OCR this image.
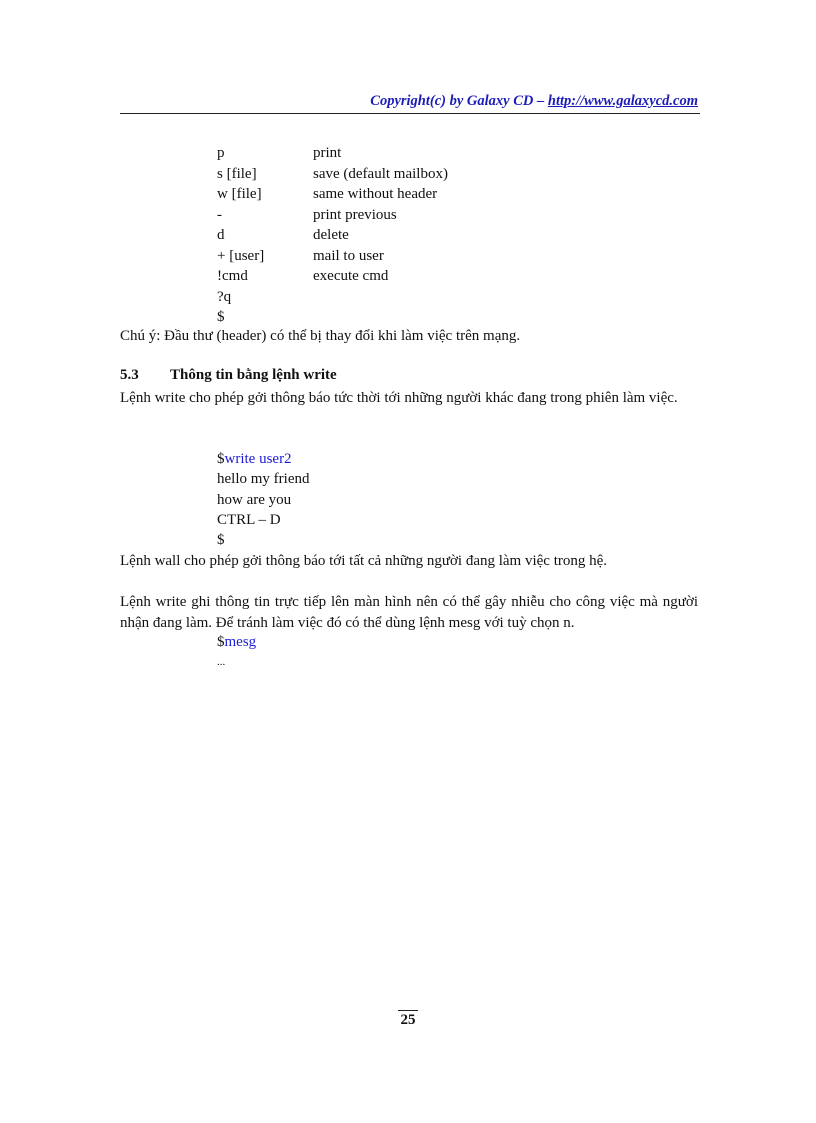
Copyright(c) by Galaxy CD – http://www.galaxycd.com
p	print
s [file]	save (default mailbox)
w [file]	same without header
-	print previous
d	delete
+ [user]	mail to user
!cmd	execute cmd
?q
$
Chú ý: Đầu thư (header) có thể bị thay đổi khi làm việc trên mạng.
5.3	Thông tin bằng lệnh write
Lệnh write cho phép gởi thông báo tức thời tới những người khác đang trong phiên làm việc.
$write user2
hello my friend
how are you
CTRL – D
$
Lệnh wall cho phép gởi thông báo tới tất cả những người đang làm việc trong hệ.
Lệnh write ghi thông tin trực tiếp lên màn hình nên có thể gây nhiễu cho công việc mà người nhận đang làm. Để tránh làm việc đó có thể dùng lệnh mesg với tuỳ chọn n.
$mesg
...
25
